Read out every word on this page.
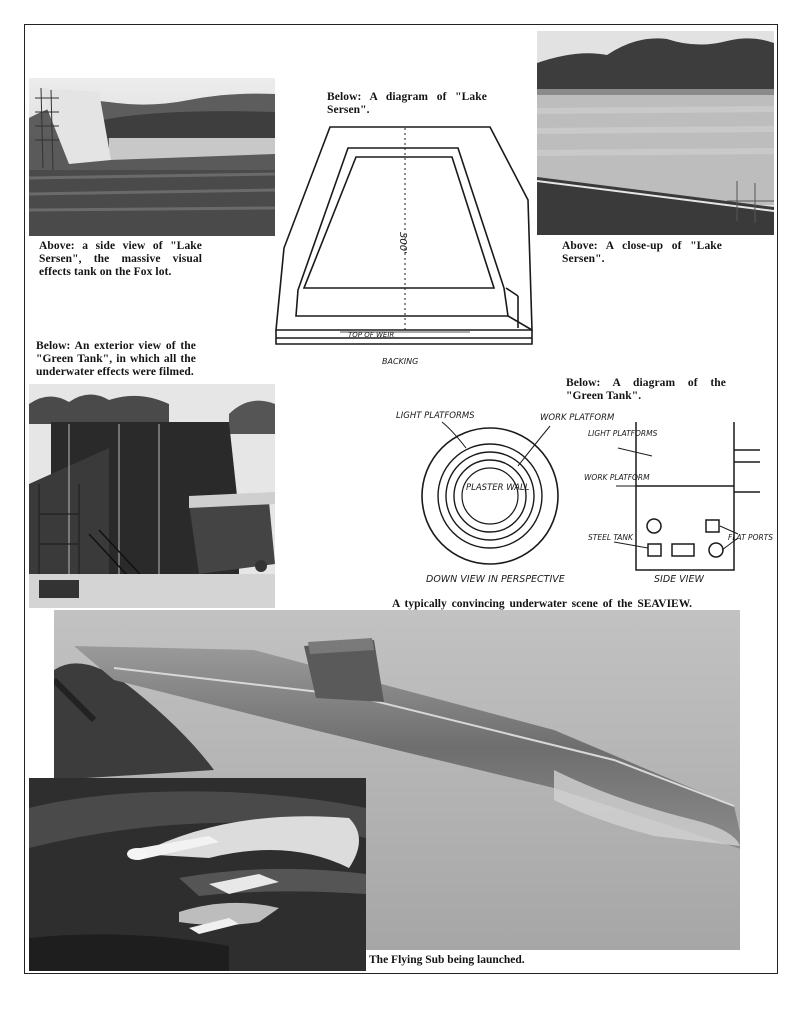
Above: a side view of "Lake Sersen", the massive visual effects tank on the Fox lot.
Below: A diagram of "Lake Sersen".
300'
TOP OF WEIR
BACKING
Above: A close-up of "Lake Sersen".
Below: An exterior view of the "Green Tank", in which all the underwater effects were filmed.
Below: A diagram of the "Green Tank".
LIGHT PLATFORMS	WORK PLATFORM
PLASTER WALL
DOWN VIEW IN PERSPECTIVE
LIGHT PLATFORMS
WORK PLATFORM
STEEL TANK	FLAT PORTS
SIDE VIEW
A typically convincing underwater scene of the SEAVIEW.
The Flying Sub being launched.
